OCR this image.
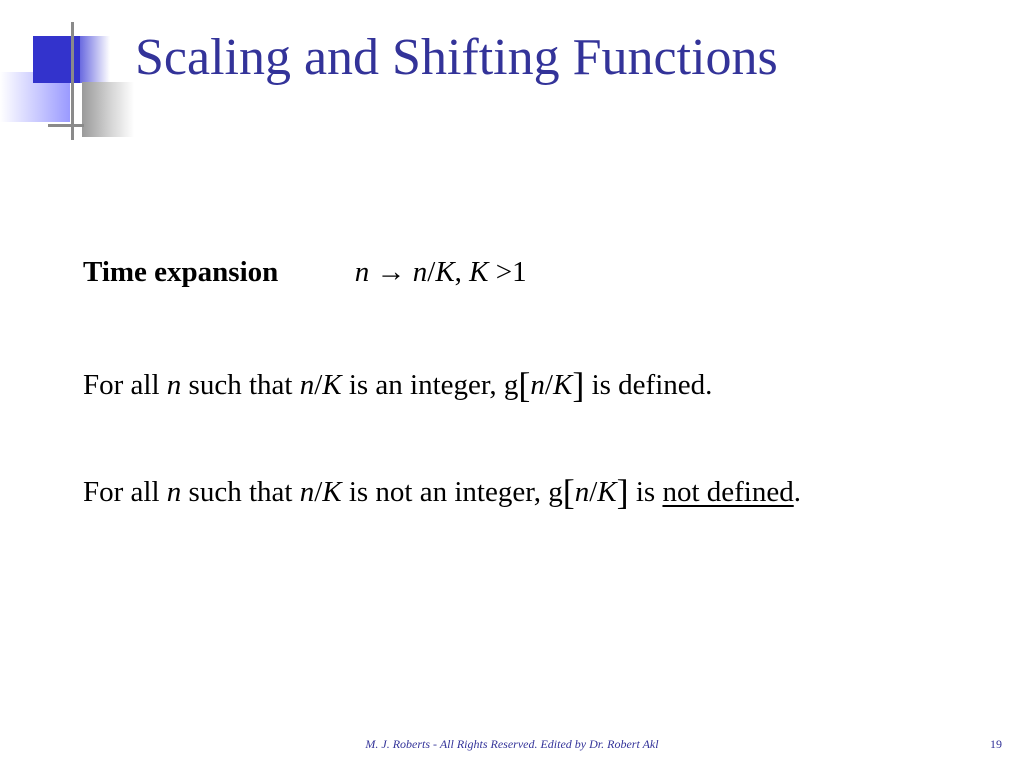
Scaling and Shifting Functions
Time expansion	n → n/K, K >1
For all n such that n/K is an integer, g[n/K] is defined.
For all n such that n/K is not an integer, g[n/K] is not defined.
M. J. Roberts - All Rights Reserved. Edited by Dr. Robert Akl	19
